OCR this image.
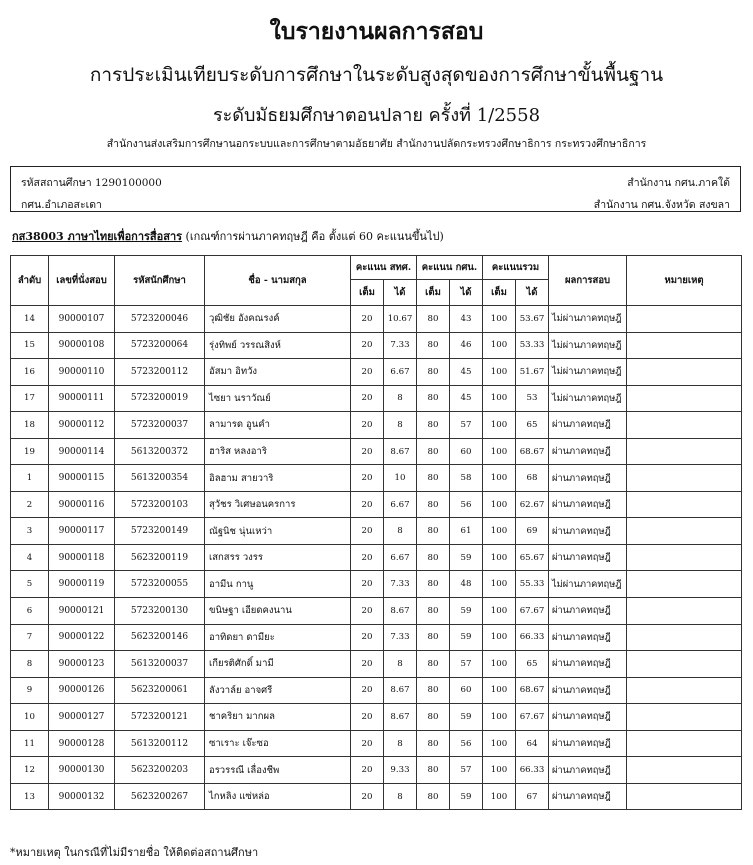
ใบรายงานผลการสอบ
การประเมินเทียบระดับการศึกษาในระดับสูงสุดของการศึกษาขั้นพื้นฐาน
ระดับมัธยมศึกษาตอนปลาย ครั้งที่ 1/2558
สำนักงานส่งเสริมการศึกษานอกระบบและการศึกษาตามอัธยาศัย สำนักงานปลัดกระทรวงศึกษาธิการ กระทรวงศึกษาธิการ
รหัสสถานศึกษา 1290100000
กศน.อำเภอสะเดา
สำนักงาน กศน.ภาคใต้
สำนักงาน กศน.จังหวัด สงขลา
กส38003 ภาษาไทยเพื่อการสื่อสาร (เกณฑ์การผ่านภาคทฤษฎี คือ ตั้งแต่ 60 คะแนนขึ้นไป)
ลำดับ	เลขที่นั่งสอบ	รหัสนักศึกษา	ชื่อ - นามสกุล	คะแนน สทศ.		คะแนน กศน.		คะแนนรวม		ผลการสอบ	หมายเหตุ
				เต็ม	ได้	เต็ม	ได้	เต็ม	ได้		
14	90000107	5723200046	วุฒิชัย อังคณรงค์	20	10.67	80	43	100	53.67	ไม่ผ่านภาคทฤษฎี	
15	90000108	5723200064	รุ่งทิพย์ วรรณสิงห์	20	7.33	80	46	100	53.33	ไม่ผ่านภาคทฤษฎี	
16	90000110	5723200112	อัสมา อิทวัง	20	6.67	80	45	100	51.67	ไม่ผ่านภาคทฤษฎี	
17	90000111	5723200019	ไซยา นราวัณย์	20	8	80	45	100	53	ไม่ผ่านภาคทฤษฎี	
18	90000112	5723200037	ลามารด อูนคำ	20	8	80	57	100	65	ผ่านภาคทฤษฎี	
19	90000114	5613200372	ฮาริส หลงอาริ	20	8.67	80	60	100	68.67	ผ่านภาคทฤษฎี	
1	90000115	5613200354	อิลฮาม สายวาริ	20	10	80	58	100	68	ผ่านภาคทฤษฎี	
2	90000116	5723200103	สุวัชร วิเศษอนครการ	20	6.67	80	56	100	62.67	ผ่านภาคทฤษฎี	
3	90000117	5723200149	ณัฐนิช นุ่นเหว่า	20	8	80	61	100	69	ผ่านภาคทฤษฎี	
4	90000118	5623200119	เสกสรร วงรร	20	6.67	80	59	100	65.67	ผ่านภาคทฤษฎี	
5	90000119	5723200055	อามีน กานู	20	7.33	80	48	100	55.33	ไม่ผ่านภาคทฤษฎี	
6	90000121	5723200130	ขนิษฐา เอียดคงนาน	20	8.67	80	59	100	67.67	ผ่านภาคทฤษฎี	
7	90000122	5623200146	อาทิดยา ดามียะ	20	7.33	80	59	100	66.33	ผ่านภาคทฤษฎี	
8	90000123	5613200037	เกียรติศักดิ์ มามี	20	8	80	57	100	65	ผ่านภาคทฤษฎี	
9	90000126	5623200061	ลังวาล์ย อาจศรี	20	8.67	80	60	100	68.67	ผ่านภาคทฤษฎี	
10	90000127	5723200121	ชาคริยา มากผล	20	8.67	80	59	100	67.67	ผ่านภาคทฤษฎี	
11	90000128	5613200112	ซาเราะ เจ๊ะซอ	20	8	80	56	100	64	ผ่านภาคทฤษฎี	
12	90000130	5623200203	อรวรรณี เลื่องชีพ	20	9.33	80	57	100	66.33	ผ่านภาคทฤษฎี	
13	90000132	5623200267	ไกหลิง แซ่หล่อ	20	8	80	59	100	67	ผ่านภาคทฤษฎี	
*หมายเหตุ ในกรณีที่ไม่มีรายชื่อ ให้ติดต่อสถานศึกษา
